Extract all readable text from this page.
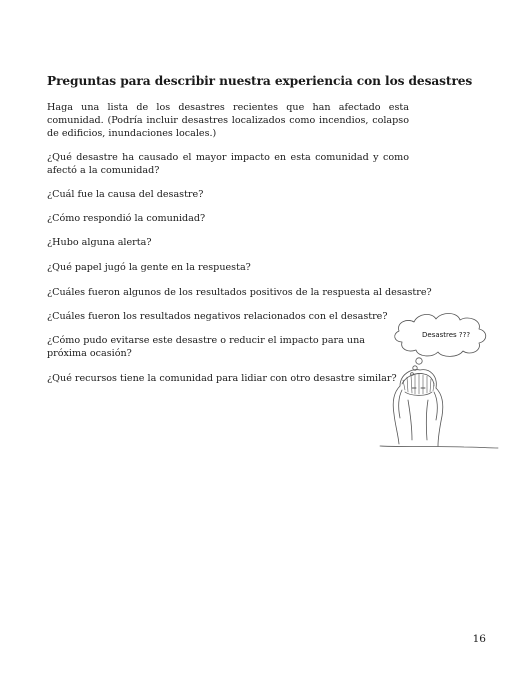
Preguntas para describir nuestra experiencia con los desastres

Haga una lista de los desastres recientes que han afectado esta comunidad. (Podría incluir desastres localizados como incendios, colapso de edificios, inundaciones locales.)

¿Qué desastre ha causado el mayor impacto en esta comunidad y como afectó a la comunidad?

¿Cuál fue la causa del desastre?

¿Cómo respondió la comunidad?

¿Hubo alguna alerta?

¿Qué papel jugó la gente en la respuesta?

¿Cuáles fueron algunos de los resultados positivos de la respuesta al desastre?

¿Cuáles fueron los resultados negativos relacionados con el desastre?

¿Cómo pudo evitarse este desastre o reducir el impacto para una próxima ocasión?

¿Qué recursos tiene la comunidad para lidiar con otro desastre similar?

Desastres ???
16
